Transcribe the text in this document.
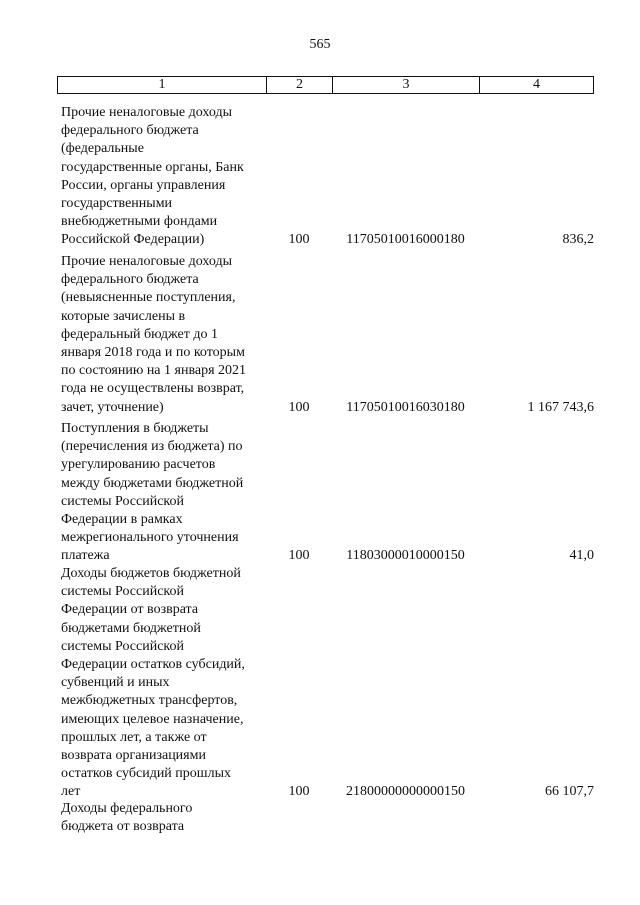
565
1	2	3	4

Прочие неналоговые доходы

федерального бюджета

(федеральные

государственные органы, Банк

России, органы управления

государственными

внебюджетными фондами

Российской Федерации)	100	11705010016000180	836,2

Прочие неналоговые доходы

федерального бюджета

(невыясненные поступления,

которые зачислены в

федеральный бюджет до 1

января 2018 года и по которым

по состоянию на 1 января 2021

года не осуществлены возврат,

зачет, уточнение)	100	11705010016030180	1 167 743,6

Поступления в бюджеты

(перечисления из бюджета) по

урегулированию расчетов

между бюджетами бюджетной

системы Российской

Федерации в рамках

межрегионального уточнения

платежа	100	11803000010000150	41,0

Доходы бюджетов бюджетной

системы Российской

Федерации от возврата

бюджетами бюджетной

системы Российской

Федерации остатков субсидий,

субвенций и иных

межбюджетных трансфертов,

имеющих целевое назначение,

прошлых лет, а также от

возврата организациями

остатков субсидий прошлых

лет	100	21800000000000150	66 107,7

Доходы федерального

бюджета от возврата
